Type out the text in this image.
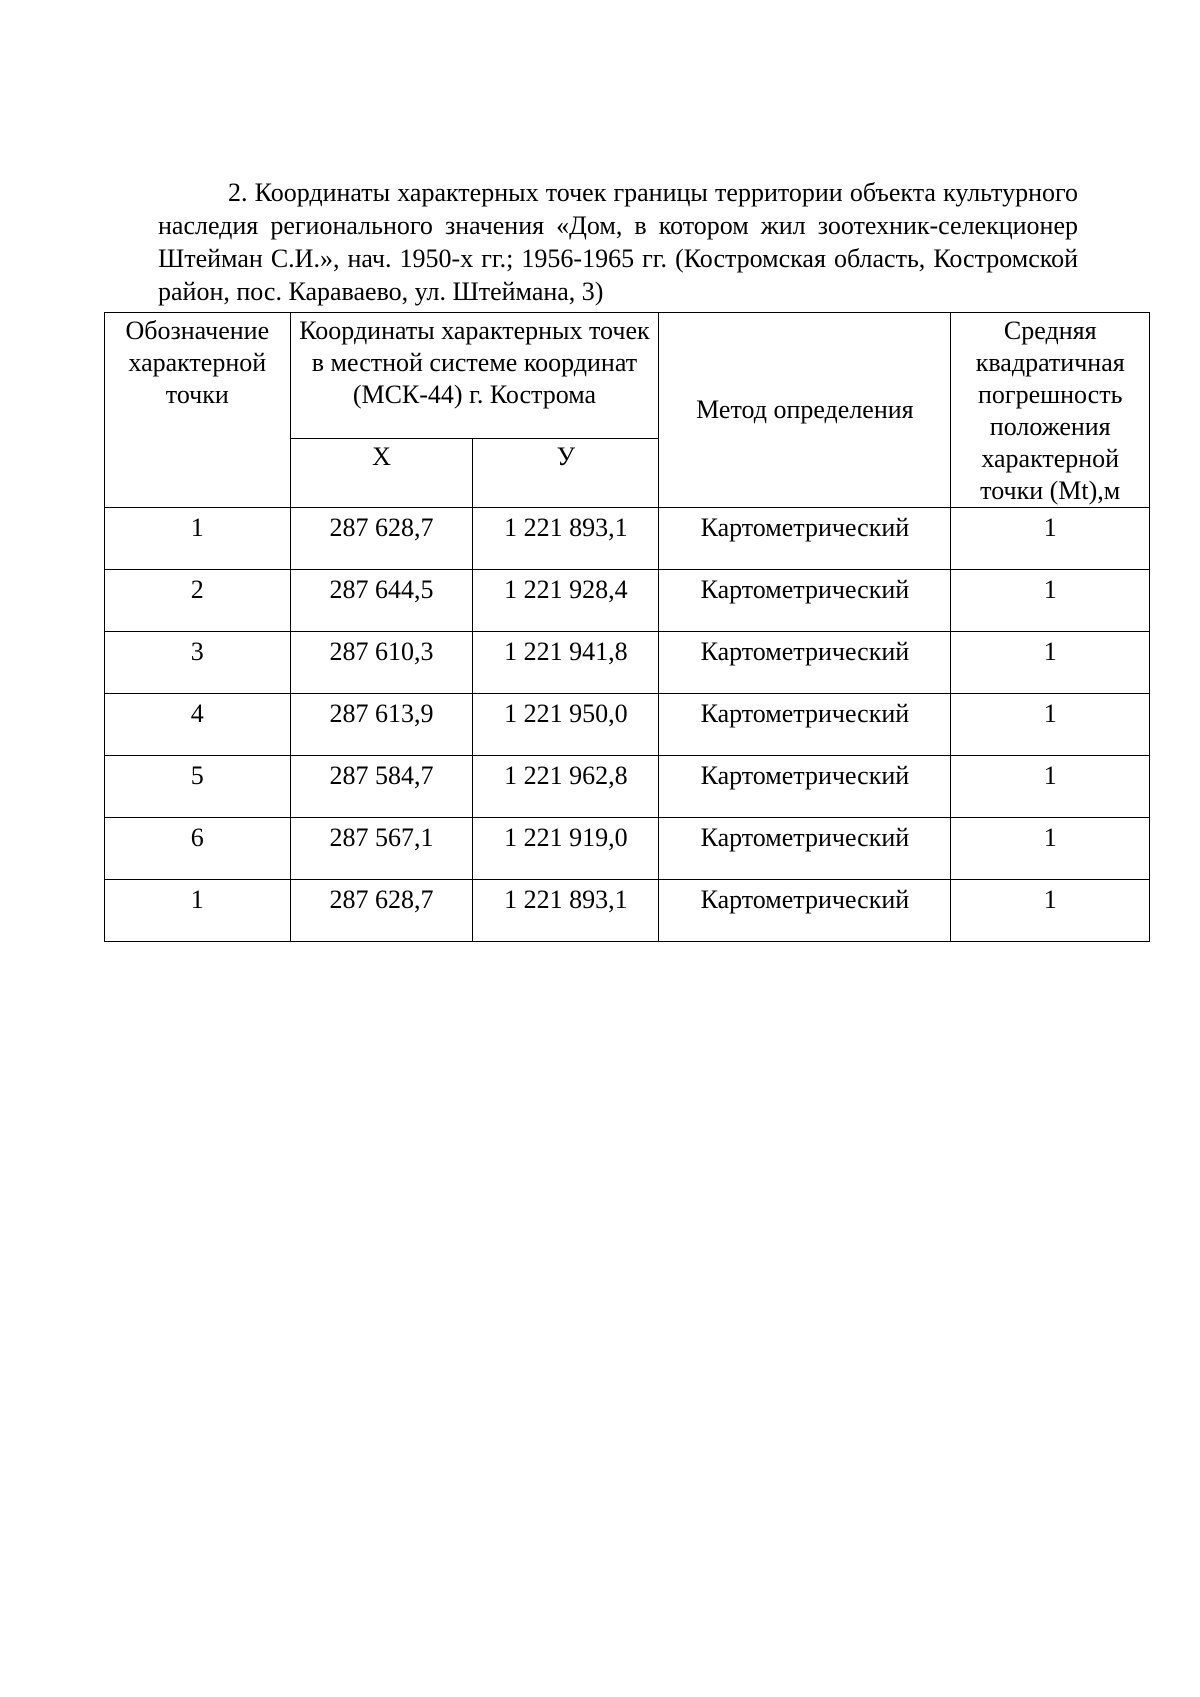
2. Координаты характерных точек границы территории объекта культурного наследия регионального значения «Дом, в котором жил зоотехник-селекционер Штейман С.И.», нач. 1950-х гг.; 1956-1965 гг. (Костромская область, Костромской район, пос. Караваево, ул. Штеймана, 3)

Обозначение характерной точки	Координаты характерных точек в местной системе координат (МСК-44) г. Кострома		Метод определения	Средняя квадратичная погрешность положения характерной точки (Mt),м
	X	У		
1	287 628,7	1 221 893,1	Картометрический	1
2	287 644,5	1 221 928,4	Картометрический	1
3	287 610,3	1 221 941,8	Картометрический	1
4	287 613,9	1 221 950,0	Картометрический	1
5	287 584,7	1 221 962,8	Картометрический	1
6	287 567,1	1 221 919,0	Картометрический	1
1	287 628,7	1 221 893,1	Картометрический	1
